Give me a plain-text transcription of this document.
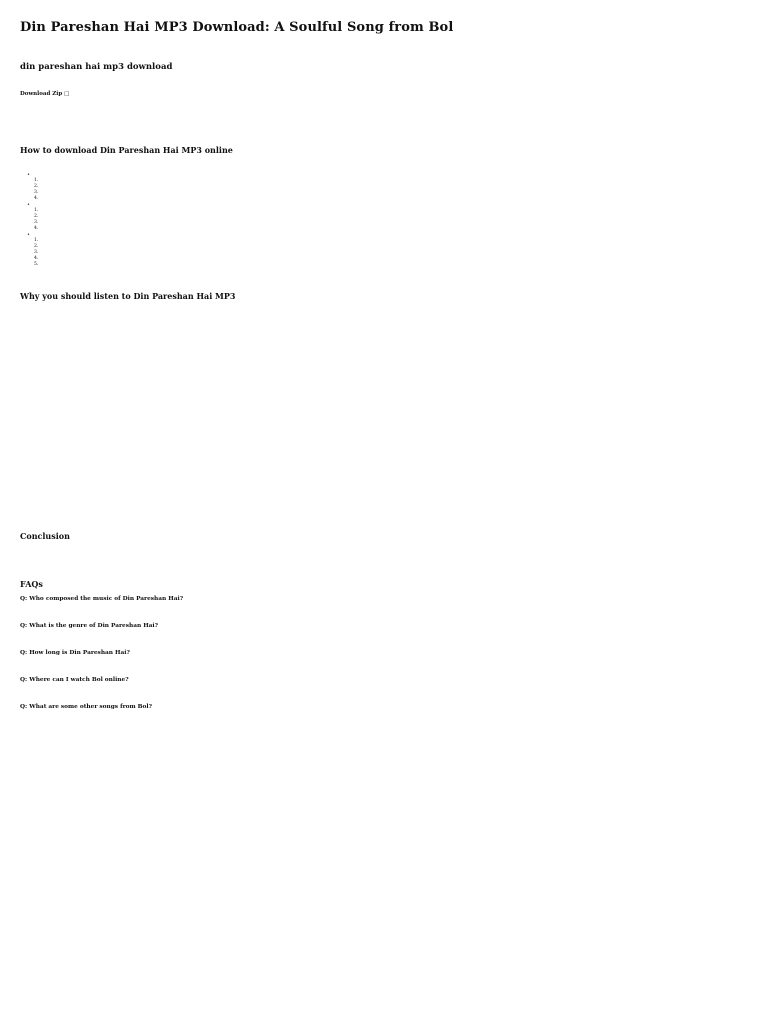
Din Pareshan Hai MP3 Download: A Soulful Song from Bol
din pareshan hai mp3 download
Download Zip □
How to download Din Pareshan Hai MP3 online
•
1.
2.
3.
4.
•
1.
2.
3.
4.
•
1.
2.
3.
4.
5.
Why you should listen to Din Pareshan Hai MP3
Conclusion
FAQs
Q: Who composed the music of Din Pareshan Hai?
Q: What is the genre of Din Pareshan Hai?
Q: How long is Din Pareshan Hai?
Q: Where can I watch Bol online?
Q: What are some other songs from Bol?
